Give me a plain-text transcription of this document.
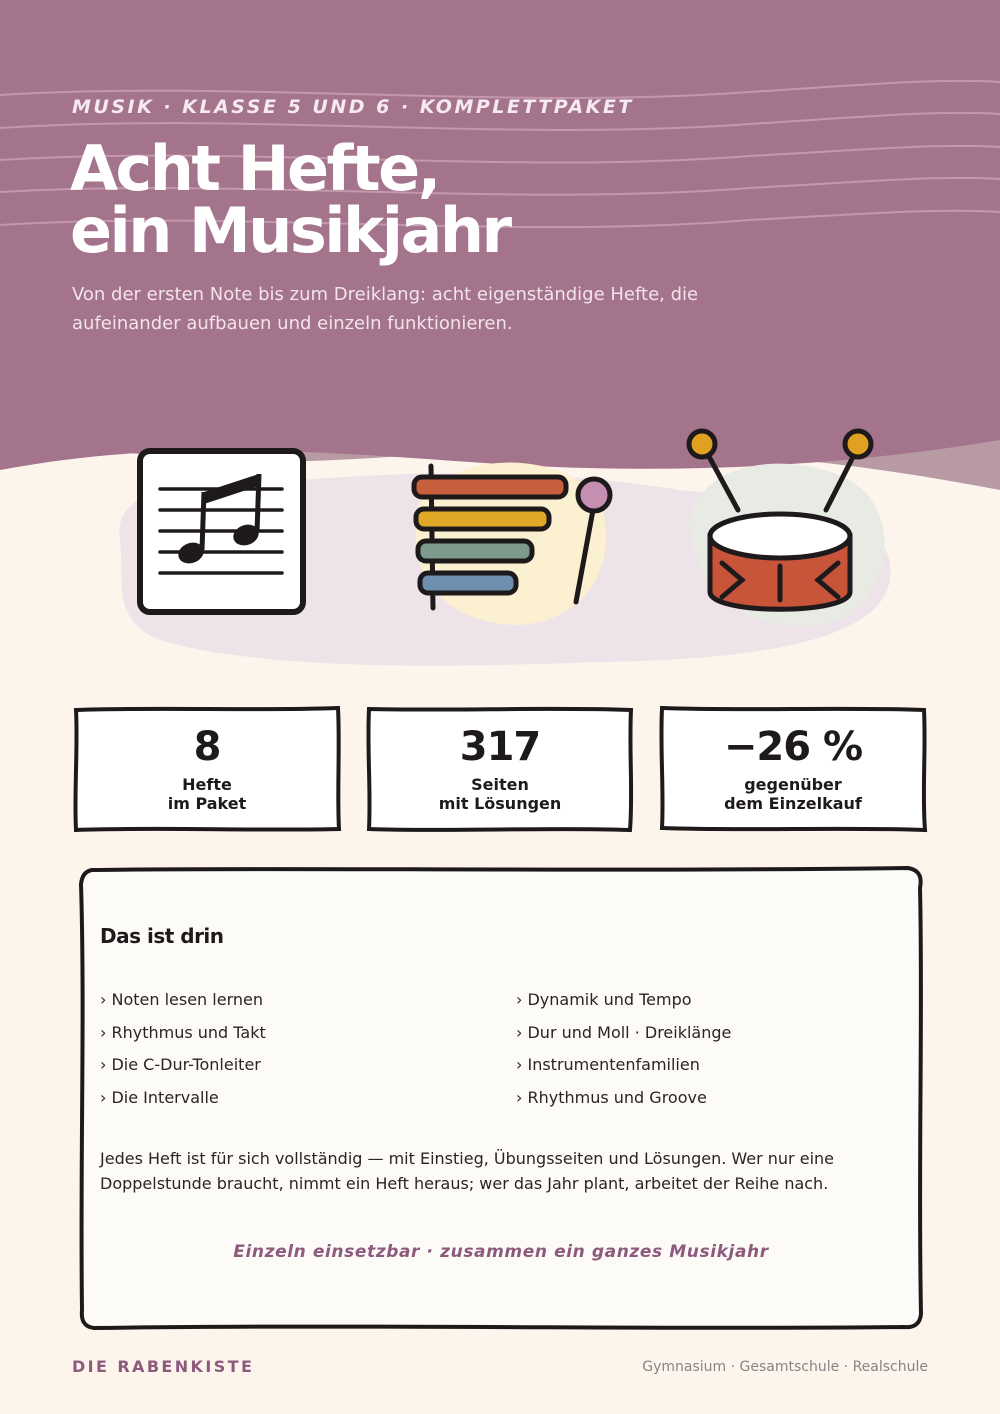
MUSIK · KLASSE 5 UND 6 · KOMPLETTPAKET
Acht Hefte,
ein Musikjahr

Von der ersten Note bis zum Dreiklang: acht eigenständige Hefte, die aufeinander aufbauen und einzeln funktionieren.

8
Hefte
im Paket
317
Seiten
mit Lösungen
−26 %
gegenüber
dem Einzelkauf
Das ist drin
› Noten lesen lernen
› Rhythmus und Takt
› Die C-Dur-Tonleiter
› Die Intervalle
› Dynamik und Tempo
› Dur und Moll · Dreiklänge
› Instrumentenfamilien
› Rhythmus und Groove

Jedes Heft ist für sich vollständig — mit Einstieg, Übungsseiten und Lösungen. Wer nur eine Doppelstunde braucht, nimmt ein Heft heraus; wer das Jahr plant, arbeitet der Reihe nach.

Einzeln einsetzbar · zusammen ein ganzes Musikjahr

DIE RABENKISTE	Gymnasium · Gesamtschule · Realschule
